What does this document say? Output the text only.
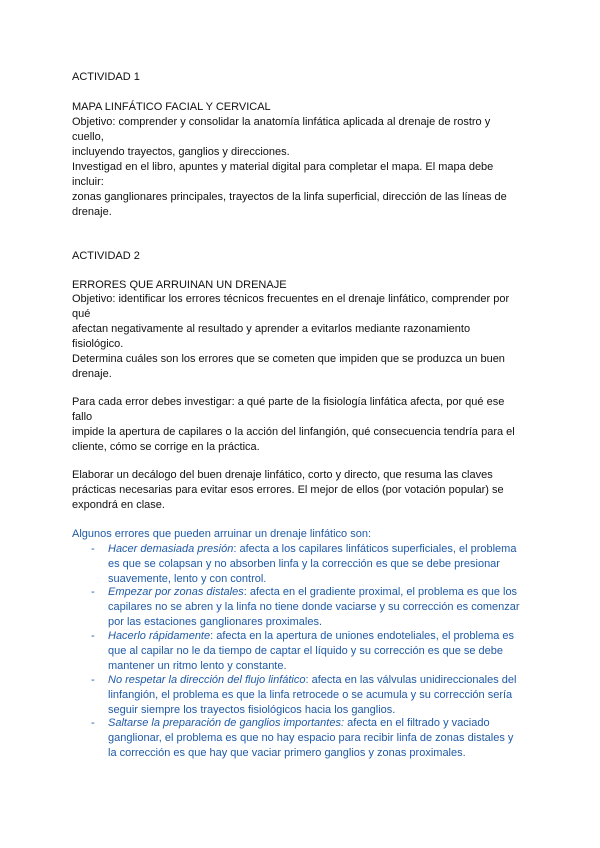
ACTIVIDAD 1
MAPA LINFÁTICO FACIAL Y CERVICAL
Objetivo: comprender y consolidar la anatomía linfática aplicada al drenaje de rostro y
cuello,
incluyendo trayectos, ganglios y direcciones.
Investigad en el libro, apuntes y material digital para completar el mapa. El mapa debe
incluir:
zonas ganglionares principales, trayectos de la linfa superficial, dirección de las líneas de
drenaje.
ACTIVIDAD 2
ERRORES QUE ARRUINAN UN DRENAJE
Objetivo: identificar los errores técnicos frecuentes en el drenaje linfático, comprender por
qué
afectan negativamente al resultado y aprender a evitarlos mediante razonamiento
fisiológico.
Determina cuáles son los errores que se cometen que impiden que se produzca un buen
drenaje.
Para cada error debes investigar: a qué parte de la fisiología linfática afecta, por qué ese
fallo
impide la apertura de capilares o la acción del linfangión, qué consecuencia tendría para el
cliente, cómo se corrige en la práctica.
Elaborar un decálogo del buen drenaje linfático, corto y directo, que resuma las claves
prácticas necesarias para evitar esos errores. El mejor de ellos (por votación popular) se
expondrá en clase.
Algunos errores que pueden arruinar un drenaje linfático son:
- Hacer demasiada presión: afecta a los capilares linfáticos superficiales, el problema
es que se colapsan y no absorben linfa y la corrección es que se debe presionar
suavemente, lento y con control.
- Empezar por zonas distales: afecta en el gradiente proximal, el problema es que los
capilares no se abren y la linfa no tiene donde vaciarse y su corrección es comenzar
por las estaciones ganglionares proximales.
- Hacerlo rápidamente: afecta en la apertura de uniones endoteliales, el problema es
que al capilar no le da tiempo de captar el líquido y su corrección es que se debe
mantener un ritmo lento y constante.
- No respetar la dirección del flujo linfático: afecta en las válvulas unidireccionales del
linfangión, el problema es que la linfa retrocede o se acumula y su corrección sería
seguir siempre los trayectos fisiológicos hacia los ganglios.
- Saltarse la preparación de ganglios importantes: afecta en el filtrado y vaciado
ganglionar, el problema es que no hay espacio para recibir linfa de zonas distales y
la corrección es que hay que vaciar primero ganglios y zonas proximales.
